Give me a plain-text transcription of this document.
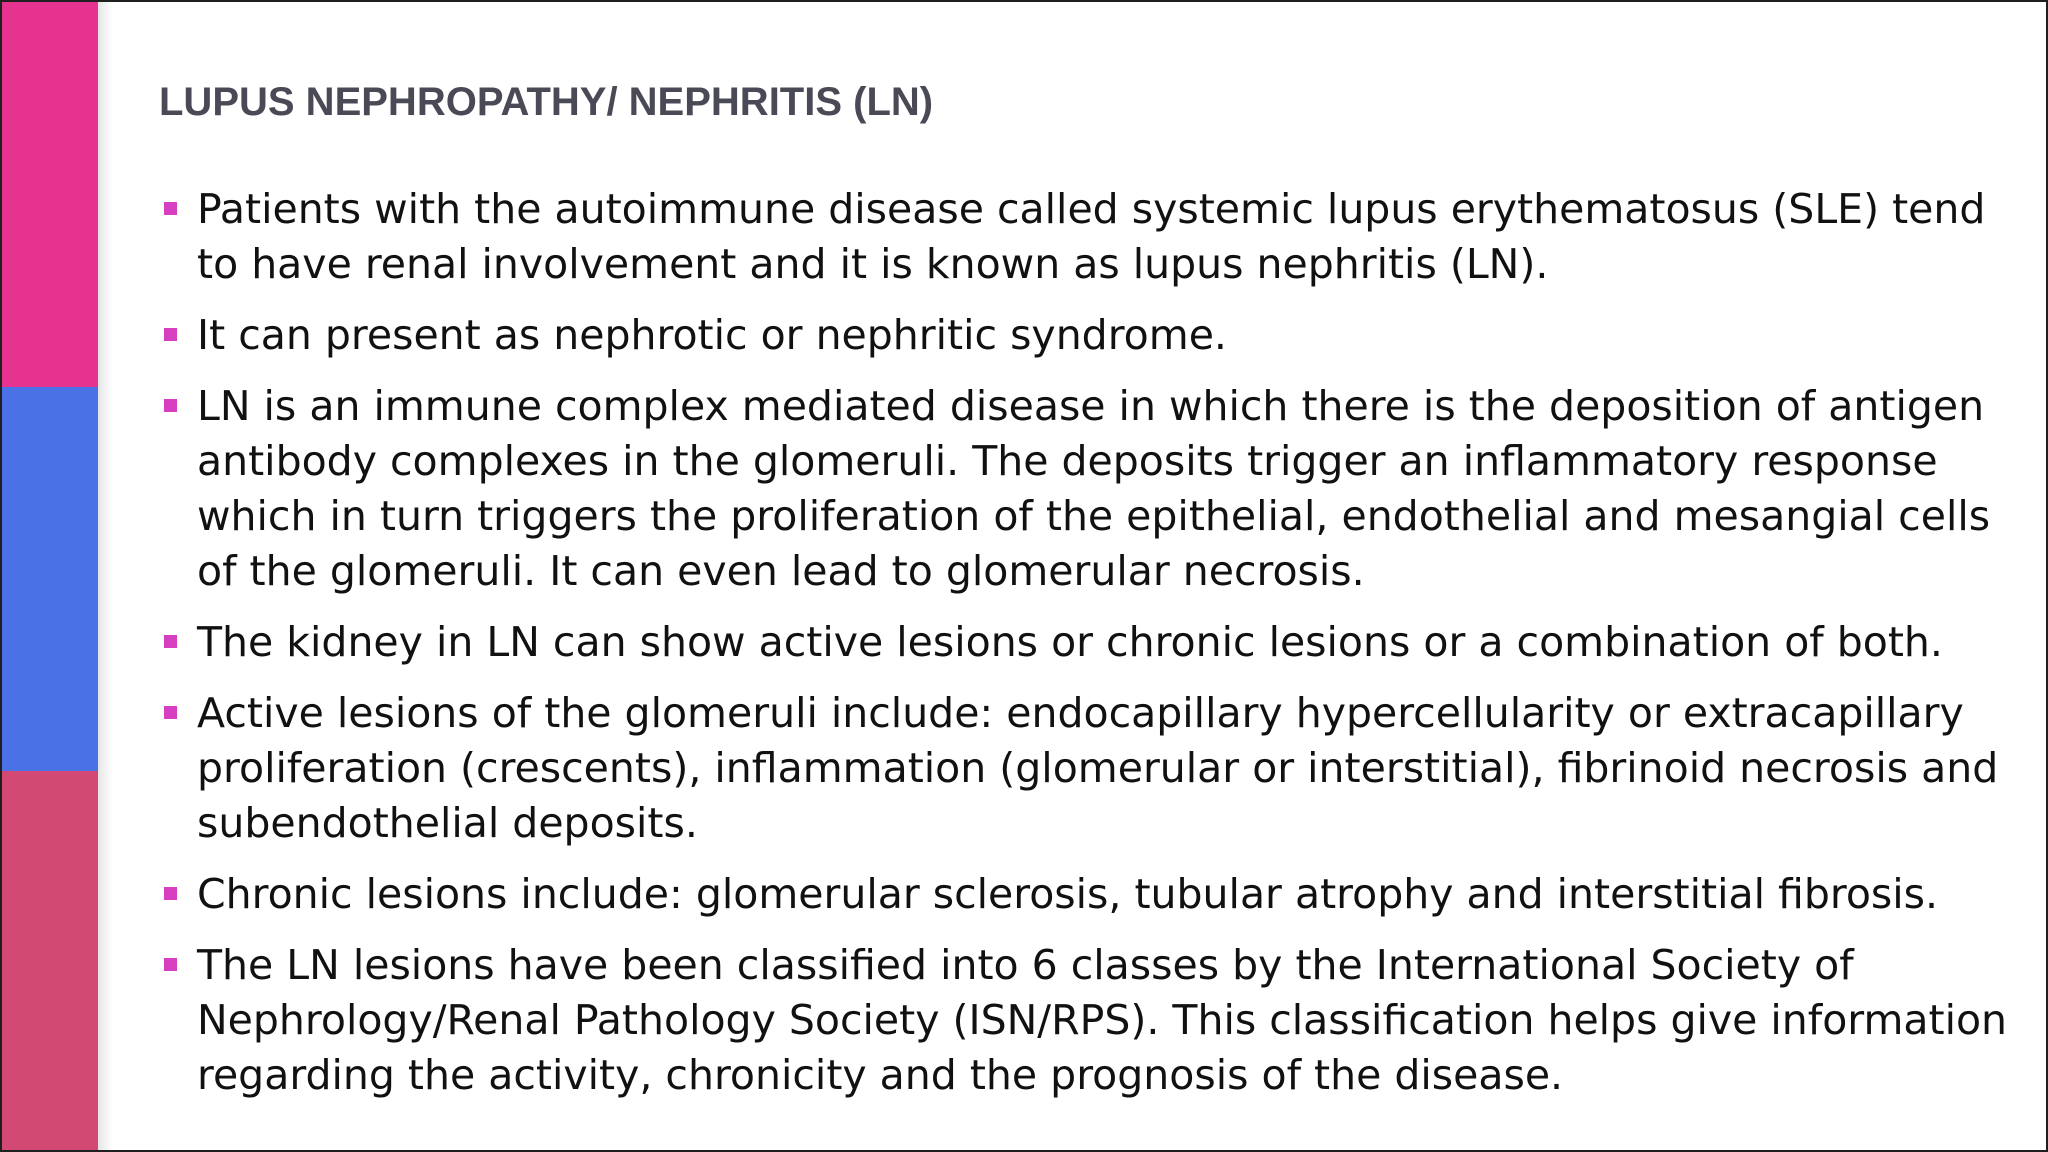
LUPUS NEPHROPATHY/ NEPHRITIS (LN)
Patients with the autoimmune disease called systemic lupus erythematosus (SLE) tend to have renal involvement and it is known as lupus nephritis (LN).
It can present as nephrotic or nephritic syndrome.
LN is an immune complex mediated disease in which there is the deposition of antigen antibody complexes in the glomeruli. The deposits trigger an inflammatory response which in turn triggers the proliferation of the epithelial, endothelial and mesangial cells of the glomeruli. It can even lead to glomerular necrosis.
The kidney in LN can show active lesions or chronic lesions or a combination of both.
Active lesions of the glomeruli include: endocapillary hypercellularity or extracapillary proliferation (crescents), inflammation (glomerular or interstitial), fibrinoid necrosis and subendothelial deposits.
Chronic lesions include: glomerular sclerosis, tubular atrophy and interstitial fibrosis.
The LN lesions have been classified into 6 classes by the International Society of Nephrology/Renal Pathology Society (ISN/RPS). This classification helps give information regarding the activity, chronicity and the prognosis of the disease.
